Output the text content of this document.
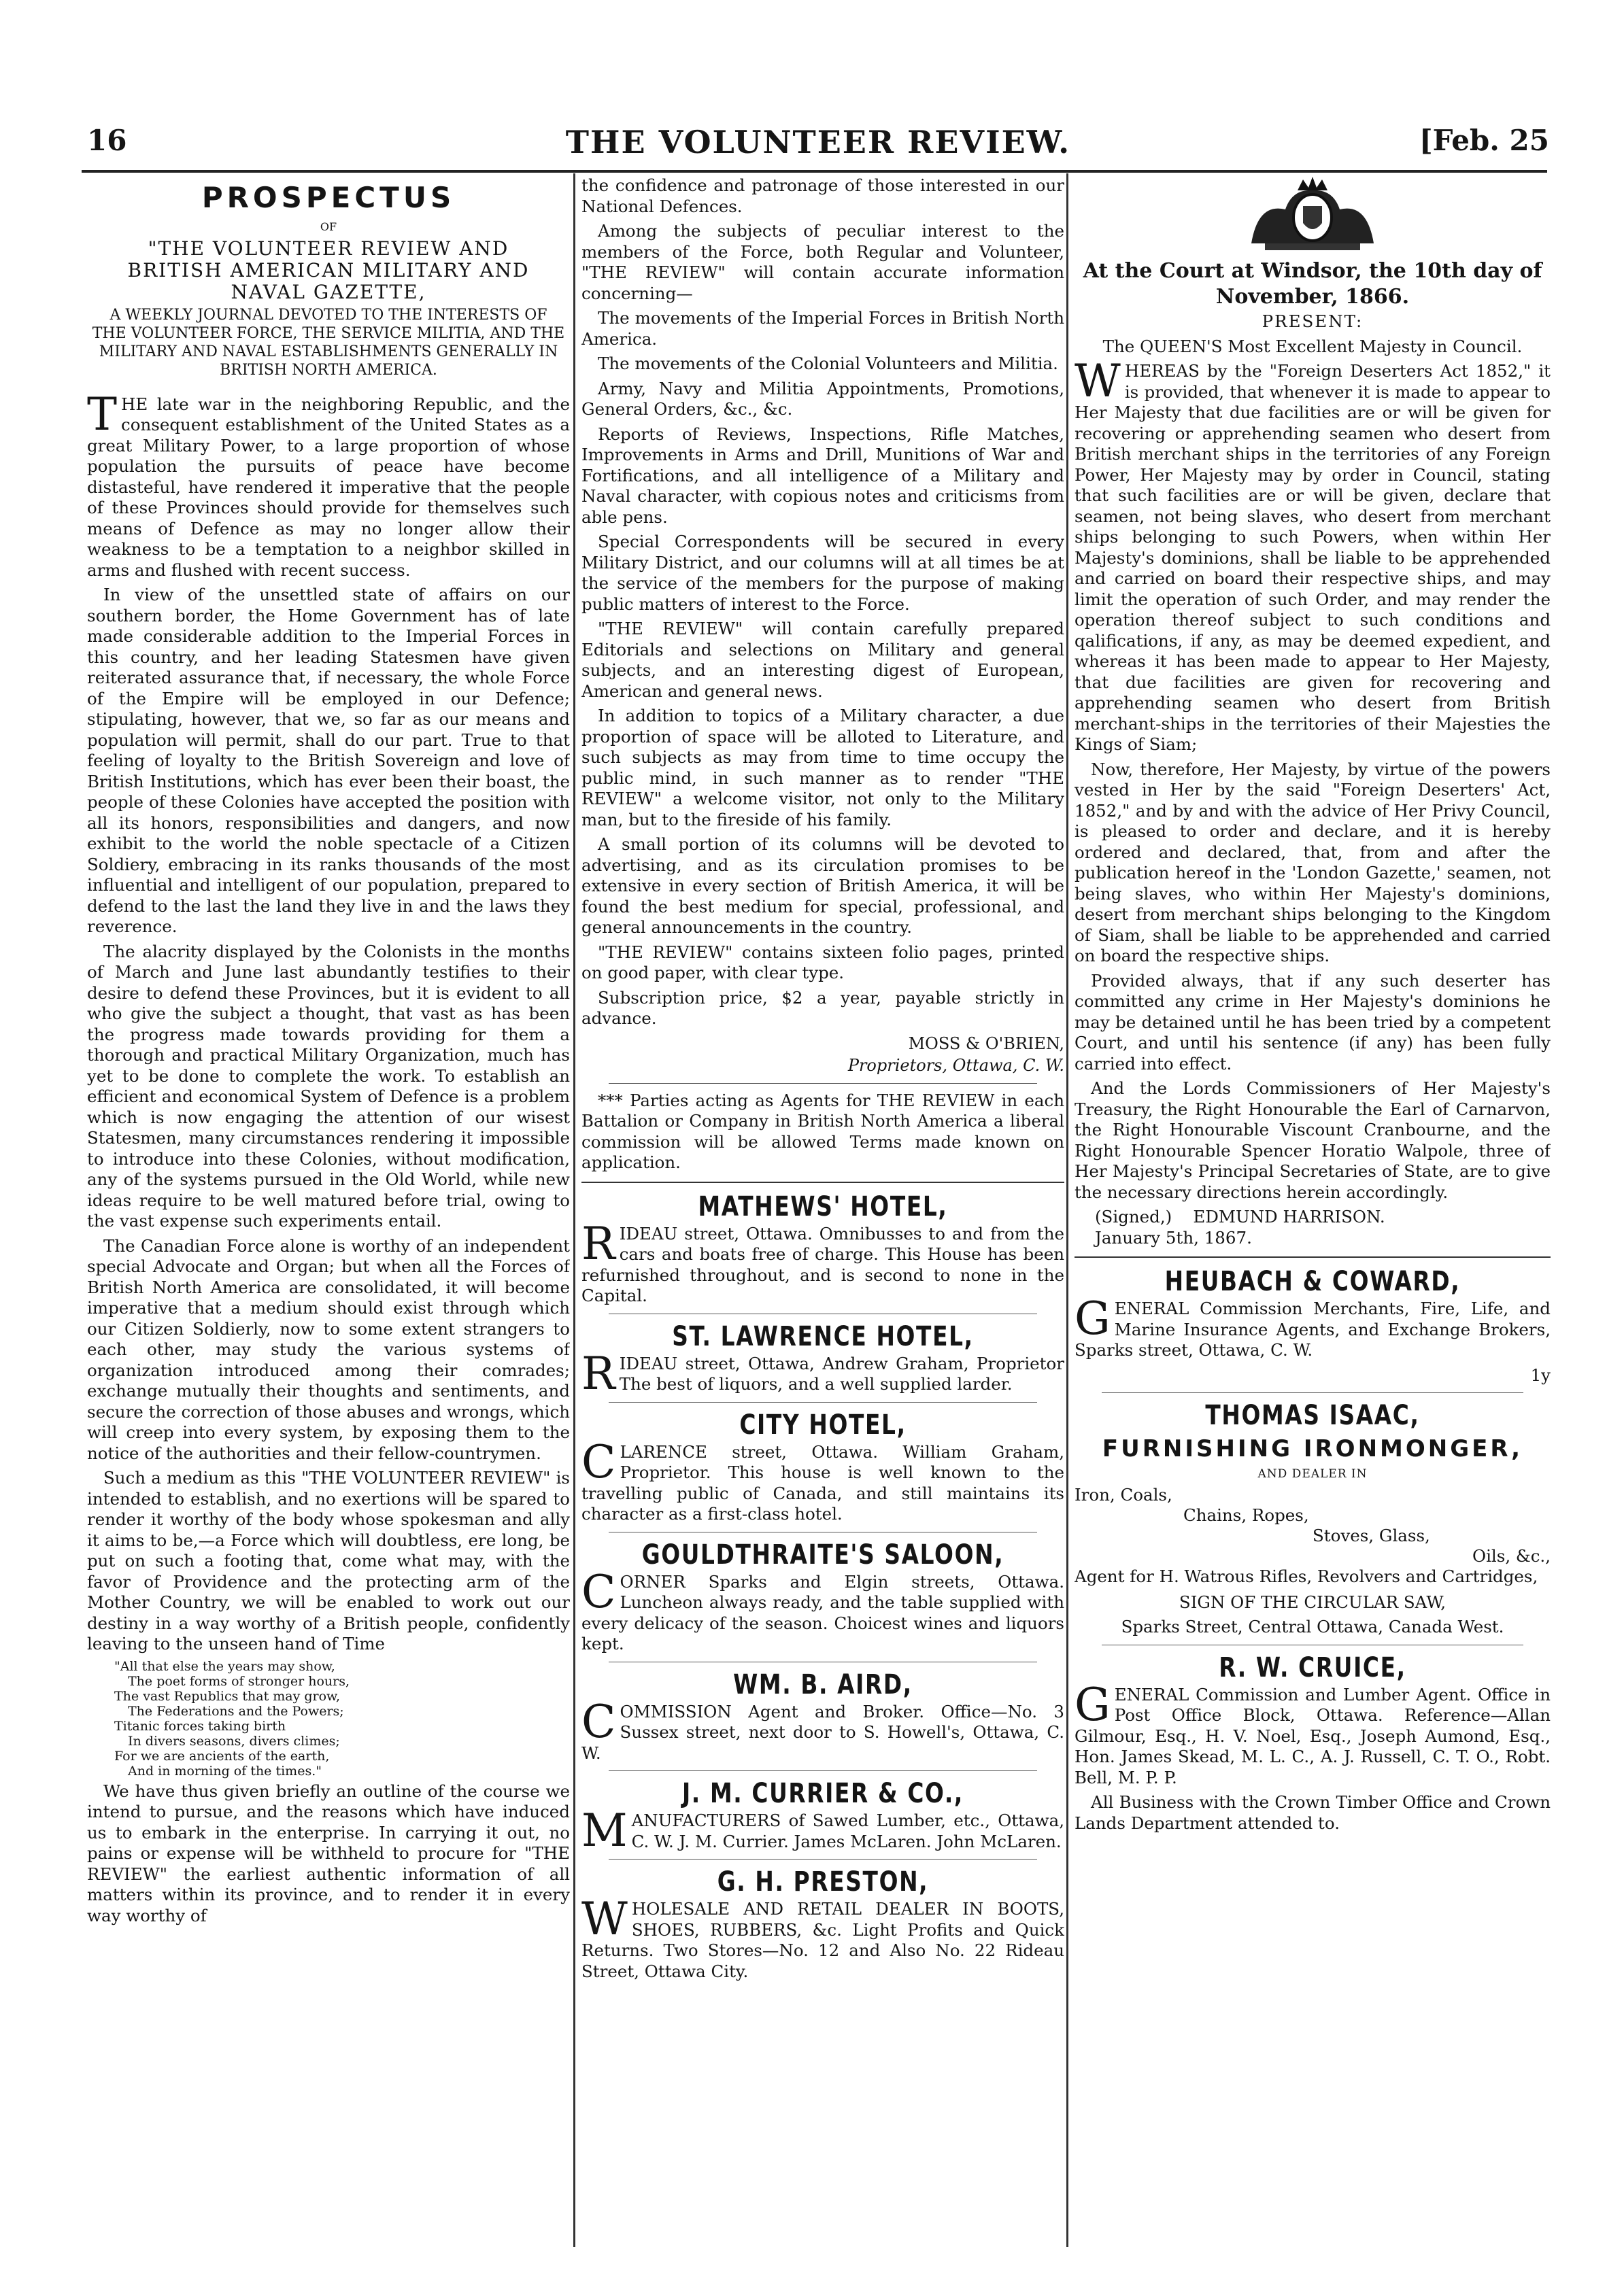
THE VOLUNTEER REVIEW.
16	[Feb. 25
PROSPECTUS

OF

"THE VOLUNTEER REVIEW AND

BRITISH AMERICAN MILITARY AND

NAVAL GAZETTE,

A WEEKLY JOURNAL DEVOTED TO THE INTERESTS OF THE VOLUNTEER FORCE, THE SERVICE MILITIA, AND THE MILITARY AND NAVAL ESTABLISHMENTS GENERALLY IN BRITISH NORTH AMERICA.

THE late war in the neighboring Republic, and the consequent establishment of the United States as a great Military Power, to a large proportion of whose population the pursuits of peace have become distasteful, have rendered it imperative that the people of these Provinces should provide for themselves such means of Defence as may no longer allow their weakness to be a temptation to a neighbor skilled in arms and flushed with recent success.

In view of the unsettled state of affairs on our southern border, the Home Government has of late made considerable addition to the Imperial Forces in this country, and her leading Statesmen have given reiterated assurance that, if necessary, the whole Force of the Empire will be employed in our Defence; stipulating, however, that we, so far as our means and population will permit, shall do our part. True to that feeling of loyalty to the British Sovereign and love of British Institutions, which has ever been their boast, the people of these Colonies have accepted the position with all its honors, responsibilities and dangers, and now exhibit to the world the noble spectacle of a Citizen Soldiery, embracing in its ranks thousands of the most influential and intelligent of our population, prepared to defend to the last the land they live in and the laws they reverence.

The alacrity displayed by the Colonists in the months of March and June last abundantly testifies to their desire to defend these Provinces, but it is evident to all who give the subject a thought, that vast as has been the progress made towards providing for them a thorough and practical Military Organization, much has yet to be done to complete the work. To establish an efficient and economical System of Defence is a problem which is now engaging the attention of our wisest Statesmen, many circumstances rendering it impossible to introduce into these Colonies, without modification, any of the systems pursued in the Old World, while new ideas require to be well matured before trial, owing to the vast expense such experiments entail.

The Canadian Force alone is worthy of an independent special Advocate and Organ; but when all the Forces of British North America are consolidated, it will become imperative that a medium should exist through which our Citizen Soldierly, now to some extent strangers to each other, may study the various systems of organization introduced among their comrades; exchange mutually their thoughts and sentiments, and secure the correction of those abuses and wrongs, which will creep into every system, by exposing them to the notice of the authorities and their fellow-countrymen.

Such a medium as this "THE VOLUNTEER REVIEW" is intended to establish, and no exertions will be spared to render it worthy of the body whose spokesman and ally it aims to be,—a Force which will doubtless, ere long, be put on such a footing that, come what may, with the favor of Providence and the protecting arm of the Mother Country, we will be enabled to work out our destiny in a way worthy of a British people, confidently leaving to the unseen hand of Time

"All that else the years may show,

The poet forms of stronger hours,

The vast Republics that may grow,

The Federations and the Powers;

Titanic forces taking birth

In divers seasons, divers climes;

For we are ancients of the earth,

And in morning of the times."

We have thus given briefly an outline of the course we intend to pursue, and the reasons which have induced us to embark in the enterprise. In carrying it out, no pains or expense will be withheld to procure for "THE REVIEW" the earliest authentic information of all matters within its province, and to render it in every way worthy of

the confidence and patronage of those interested in our National Defences.

Among the subjects of peculiar interest to the members of the Force, both Regular and Volunteer, "THE REVIEW" will contain accurate information concerning—

The movements of the Imperial Forces in British North America.

The movements of the Colonial Volunteers and Militia.

Army, Navy and Militia Appointments, Promotions, General Orders, &c., &c.

Reports of Reviews, Inspections, Rifle Matches, Improvements in Arms and Drill, Munitions of War and Fortifications, and all intelligence of a Military and Naval character, with copious notes and criticisms from able pens.

Special Correspondents will be secured in every Military District, and our columns will at all times be at the service of the members for the purpose of making public matters of interest to the Force.

"THE REVIEW" will contain carefully prepared Editorials and selections on Military and general subjects, and an interesting digest of European, American and general news.

In addition to topics of a Military character, a due proportion of space will be alloted to Literature, and such subjects as may from time to time occupy the public mind, in such manner as to render "THE REVIEW" a welcome visitor, not only to the Military man, but to the fireside of his family.

A small portion of its columns will be devoted to advertising, and as its circulation promises to be extensive in every section of British America, it will be found the best medium for special, professional, and general announcements in the country.

"THE REVIEW" contains sixteen folio pages, printed on good paper, with clear type.

Subscription price, $2 a year, payable strictly in advance.

MOSS & O'BRIEN,

Proprietors, Ottawa, C. W.

*** Parties acting as Agents for THE REVIEW in each Battalion or Company in British North America a liberal commission will be allowed Terms made known on application.

MATHEWS' HOTEL,

RIDEAU street, Ottawa. Omnibusses to and from the cars and boats free of charge. This House has been refurnished throughout, and is second to none in the Capital.

ST. LAWRENCE HOTEL,

RIDEAU street, Ottawa, Andrew Graham, Proprietor The best of liquors, and a well supplied larder.

CITY HOTEL,

CLARENCE street, Ottawa. William Graham, Proprietor. This house is well known to the travelling public of Canada, and still maintains its character as a first-class hotel.

GOULDTHRAITE'S SALOON,

CORNER Sparks and Elgin streets, Ottawa. Luncheon always ready, and the table supplied with every delicacy of the season. Choicest wines and liquors kept.

WM. B. AIRD,

COMMISSION Agent and Broker. Office—No. 3 Sussex street, next door to S. Howell's, Ottawa, C. W.

J. M. CURRIER & CO.,

MANUFACTURERS of Sawed Lumber, etc., Ottawa, C. W. J. M. Currier. James McLaren. John McLaren.

G. H. PRESTON,

WHOLESALE AND RETAIL DEALER IN BOOTS, SHOES, RUBBERS, &c. Light Profits and Quick Returns. Two Stores—No. 12 and Also No. 22 Rideau Street, Ottawa City.

At the Court at Windsor, the 10th day of

November, 1866.

PRESENT:

The QUEEN'S Most Excellent Majesty in Council.

WHEREAS by the "Foreign Deserters Act 1852," it is provided, that whenever it is made to appear to Her Majesty that due facilities are or will be given for recovering or apprehending seamen who desert from British merchant ships in the territories of any Foreign Power, Her Majesty may by order in Council, stating that such facilities are or will be given, declare that seamen, not being slaves, who desert from merchant ships belonging to such Powers, when within Her Majesty's dominions, shall be liable to be apprehended and carried on board their respective ships, and may limit the operation of such Order, and may render the operation thereof subject to such conditions and qalifications, if any, as may be deemed expedient, and whereas it has been made to appear to Her Majesty, that due facilities are given for recovering and apprehending seamen who desert from British merchant-ships in the territories of their Majesties the Kings of Siam;

Now, therefore, Her Majesty, by virtue of the powers vested in Her by the said "Foreign Deserters' Act, 1852," and by and with the advice of Her Privy Council, is pleased to order and declare, and it is hereby ordered and declared, that, from and after the publication hereof in the 'London Gazette,' seamen, not being slaves, who within Her Majesty's dominions, desert from merchant ships belonging to the Kingdom of Siam, shall be liable to be apprehended and carried on board the respective ships.

Provided always, that if any such deserter has committed any crime in Her Majesty's dominions he may be detained until he has been tried by a competent Court, and until his sentence (if any) has been fully carried into effect.

And the Lords Commissioners of Her Majesty's Treasury, the Right Honourable the Earl of Carnarvon, the Right Honourable Viscount Cranbourne, and the Right Honourable Spencer Horatio Walpole, three of Her Majesty's Principal Secretaries of State, are to give the necessary directions herein accordingly.

(Signed,) EDMUND HARRISON.

January 5th, 1867.

HEUBACH & COWARD,

GENERAL Commission Merchants, Fire, Life, and Marine Insurance Agents, and Exchange Brokers, Sparks street, Ottawa, C. W.

1y

THOMAS ISAAC,
FURNISHING IRONMONGER,

AND DEALER IN

Iron, Coals,

Chains, Ropes,

Stoves, Glass,

Oils, &c.,

Agent for H. Watrous Rifles, Revolvers and Cartridges,

SIGN OF THE CIRCULAR SAW,

Sparks Street, Central Ottawa, Canada West.

R. W. CRUICE,

GENERAL Commission and Lumber Agent. Office in Post Office Block, Ottawa. Reference—Allan Gilmour, Esq., H. V. Noel, Esq., Joseph Aumond, Esq., Hon. James Skead, M. L. C., A. J. Russell, C. T. O., Robt. Bell, M. P. P.

All Business with the Crown Timber Office and Crown Lands Department attended to.
